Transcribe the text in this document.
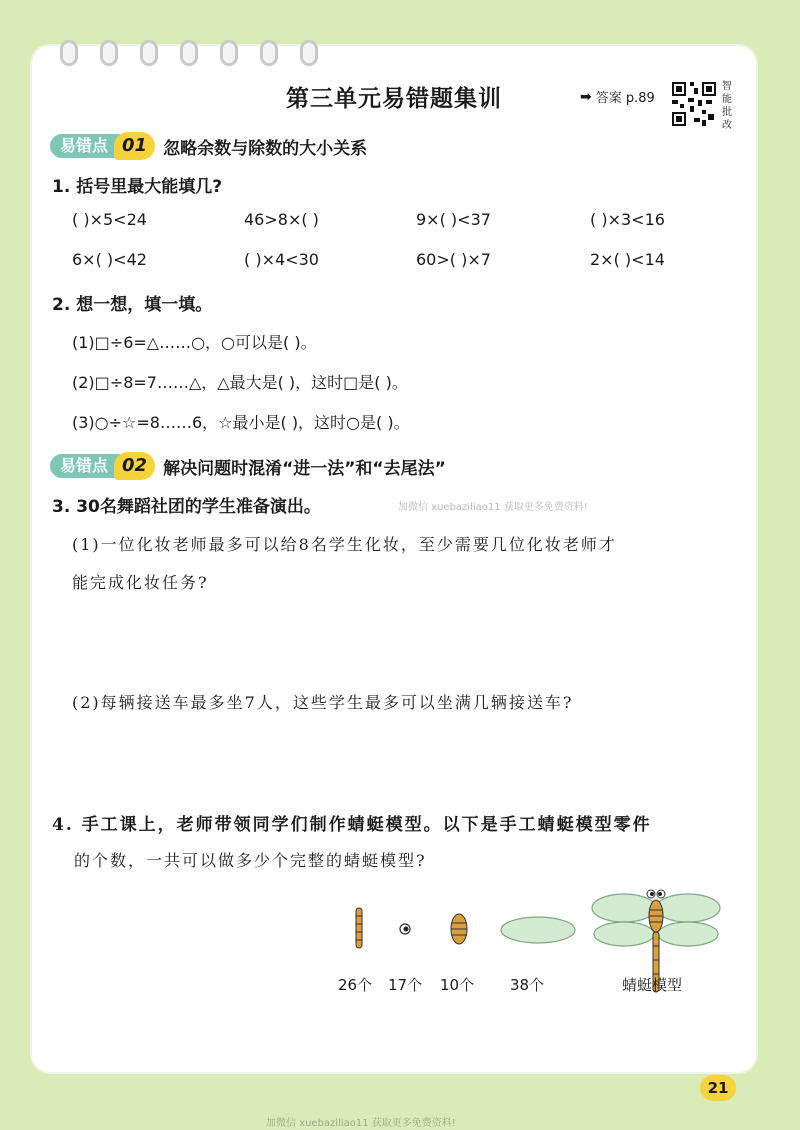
第三单元易错题集训	➡ 答案 p.89
智
能
批
改
易错点 01 忽略余数与除数的大小关系
1. 括号里最大能填几?
( )×5<24	46>8×( )	9×( )<37	( )×3<16
6×( )<42	( )×4<30	60>( )×7	2×( )<14
2. 想一想，填一填。
(1)□÷6=△……○，○可以是( )。
(2)□÷8=7……△，△最大是( )，这时□是( )。
(3)○÷☆=8……6，☆最小是( )，这时○是( )。
易错点 02 解决问题时混淆“进一法”和“去尾法”
3. 30名舞蹈社团的学生准备演出。	加微信 xuebaziliao11 获取更多免费资料!
(1)一位化妆老师最多可以给8名学生化妆，至少需要几位化妆老师才
能完成化妆任务?
(2)每辆接送车最多坐7人，这些学生最多可以坐满几辆接送车?
4. 手工课上，老师带领同学们制作蜻蜓模型。以下是手工蜻蜓模型零件
的个数，一共可以做多少个完整的蜻蜓模型?
26个 17个 10个 38个	蜻蜓模型
21
加微信 xuebaziliao11 获取更多免费资料!
